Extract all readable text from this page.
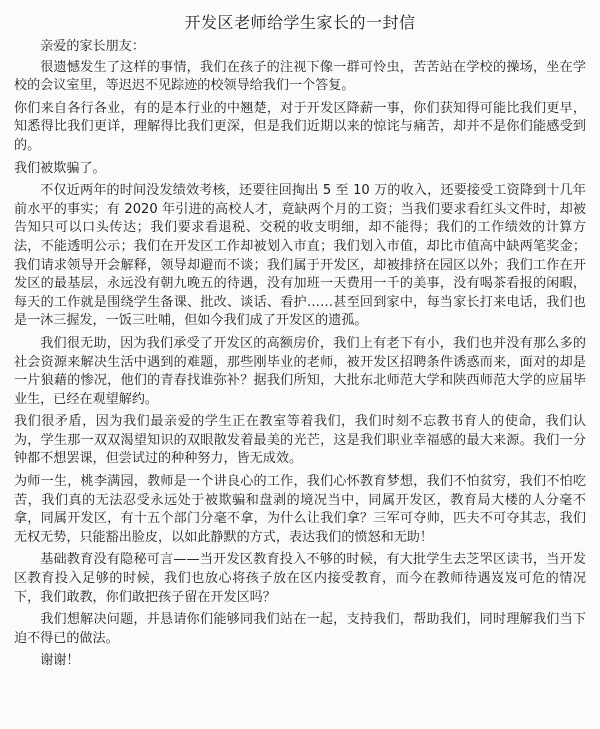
开发区老师给学生家长的一封信
亲爱的家长朋友：

很遗憾发生了这样的事情，我们在孩子的注视下像一群可怜虫，苦苦站在学校的操场，坐在学校的会议室里，等迟迟不见踪迹的校领导给我们一个答复。

你们来自各行各业，有的是本行业的中翘楚，对于开发区降薪一事，你们获知得可能比我们更早，知悉得比我们更详，理解得比我们更深，但是我们近期以来的惊诧与痛苦，却并不是你们能感受到的。

我们被欺骗了。

不仅近两年的时间没发绩效考核，还要往回掏出 5 至 10 万的收入，还要接受工资降到十几年前水平的事实；有 2020 年引进的高校人才，竟缺两个月的工资；当我们要求看红头文件时，却被告知只可以口头传达；我们要求看退税、交税的收支明细，却不能得；我们的工作绩效的计算方法，不能透明公示；我们在开发区工作却被划入市直；我们划入市值，却比市值高中缺两笔奖金；我们请求领导开会解释，领导却避而不谈；我们属于开发区，却被排挤在园区以外；我们工作在开发区的最基层，永远没有朝九晚五的待遇，没有加班一天费用一千的美事，没有喝茶看报的闲暇，每天的工作就是围绕学生备课、批改、谈话、看护……甚至回到家中，每当家长打来电话，我们也是一沐三握发，一饭三吐哺，但如今我们成了开发区的遗孤。

我们很无助，因为我们承受了开发区的高额房价，我们上有老下有小，我们也并没有那么多的社会资源来解决生活中遇到的难题，那些刚毕业的老师，被开发区招聘条件诱惑而来，面对的却是一片狼藉的惨况，他们的青春找谁弥补？据我们所知，大批东北师范大学和陕西师范大学的应届毕业生，已经在观望解约。

我们很矛盾，因为我们最亲爱的学生正在教室等着我们，我们时刻不忘教书育人的使命，我们认为，学生那一双双渴望知识的双眼散发着最美的光芒，这是我们职业幸福感的最大来源。我们一分钟都不想罢课，但尝试过的种种努力，皆无成效。

为师一生，桃李满园，教师是一个讲良心的工作，我们心怀教育梦想，我们不怕贫穷，我们不怕吃苦，我们真的无法忍受永远处于被欺骗和盘剥的境况当中，同属开发区，教育局大楼的人分毫不拿，同属开发区，有十五个部门分毫不拿，为什么让我们拿？三军可夺帅，匹夫不可夺其志，我们无权无势，只能豁出脸皮，以如此静默的方式，表达我们的愤怒和无助！

基础教育没有隐秘可言——当开发区教育投入不够的时候，有大批学生去芝罘区读书，当开发区教育投入足够的时候，我们也放心将孩子放在区内接受教育，而今在教师待遇岌岌可危的情况下，我们敢教，你们敢把孩子留在开发区吗？

我们想解决问题，并恳请你们能够同我们站在一起，支持我们，帮助我们，同时理解我们当下迫不得已的做法。

谢谢！
